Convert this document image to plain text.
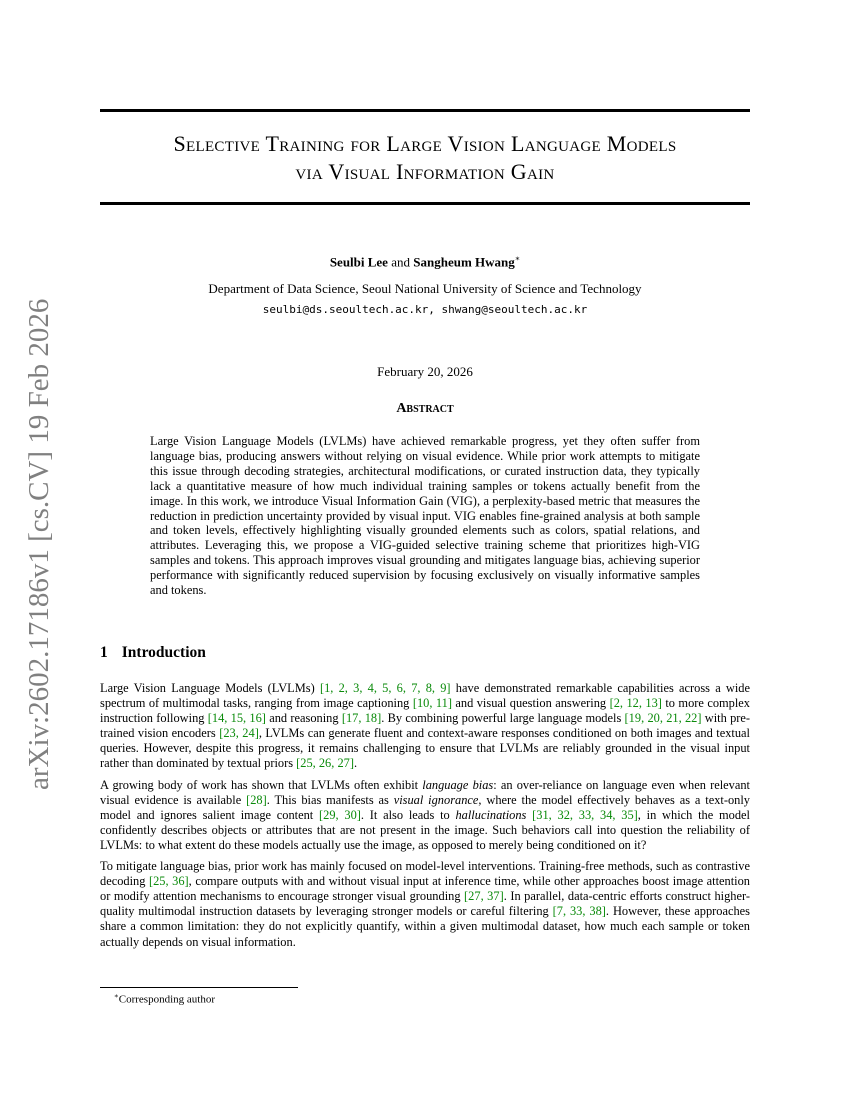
arXiv:2602.17186v1 [cs.CV] 19 Feb 2026
Selective Training for Large Vision Language Models
via Visual Information Gain
Seulbi Lee and Sangheum Hwang∗
Department of Data Science, Seoul National University of Science and Technology
seulbi@ds.seoultech.ac.kr, shwang@seoultech.ac.kr
February 20, 2026
Abstract

Large Vision Language Models (LVLMs) have achieved remarkable progress, yet they often suffer from language bias, producing answers without relying on visual evidence. While prior work attempts to mitigate this issue through decoding strategies, architectural modifications, or curated instruction data, they typically lack a quantitative measure of how much individual training samples or tokens actually benefit from the image. In this work, we introduce Visual Information Gain (VIG), a perplexity-based metric that measures the reduction in prediction uncertainty provided by visual input. VIG enables fine-grained analysis at both sample and token levels, effectively highlighting visually grounded elements such as colors, spatial relations, and attributes. Leveraging this, we propose a VIG-guided selective training scheme that prioritizes high-VIG samples and tokens. This approach improves visual grounding and mitigates language bias, achieving superior performance with significantly reduced supervision by focusing exclusively on visually informative samples and tokens.

1 Introduction

Large Vision Language Models (LVLMs) [1, 2, 3, 4, 5, 6, 7, 8, 9] have demonstrated remarkable capabilities across a wide spectrum of multimodal tasks, ranging from image captioning [10, 11] and visual question answering [2, 12, 13] to more complex instruction following [14, 15, 16] and reasoning [17, 18]. By combining powerful large language models [19, 20, 21, 22] with pre-trained vision encoders [23, 24], LVLMs can generate fluent and context-aware responses conditioned on both images and textual queries. However, despite this progress, it remains challenging to ensure that LVLMs are reliably grounded in the visual input rather than dominated by textual priors [25, 26, 27].

A growing body of work has shown that LVLMs often exhibit language bias: an over-reliance on language even when relevant visual evidence is available [28]. This bias manifests as visual ignorance, where the model effectively behaves as a text-only model and ignores salient image content [29, 30]. It also leads to hallucinations [31, 32, 33, 34, 35], in which the model confidently describes objects or attributes that are not present in the image. Such behaviors call into question the reliability of LVLMs: to what extent do these models actually use the image, as opposed to merely being conditioned on it?

To mitigate language bias, prior work has mainly focused on model-level interventions. Training-free methods, such as contrastive decoding [25, 36], compare outputs with and without visual input at inference time, while other approaches boost image attention or modify attention mechanisms to encourage stronger visual grounding [27, 37]. In parallel, data-centric efforts construct higher-quality multimodal instruction datasets by leveraging stronger models or careful filtering [7, 33, 38]. However, these approaches share a common limitation: they do not explicitly quantify, within a given multimodal dataset, how much each sample or token actually depends on visual information.

∗Corresponding author
